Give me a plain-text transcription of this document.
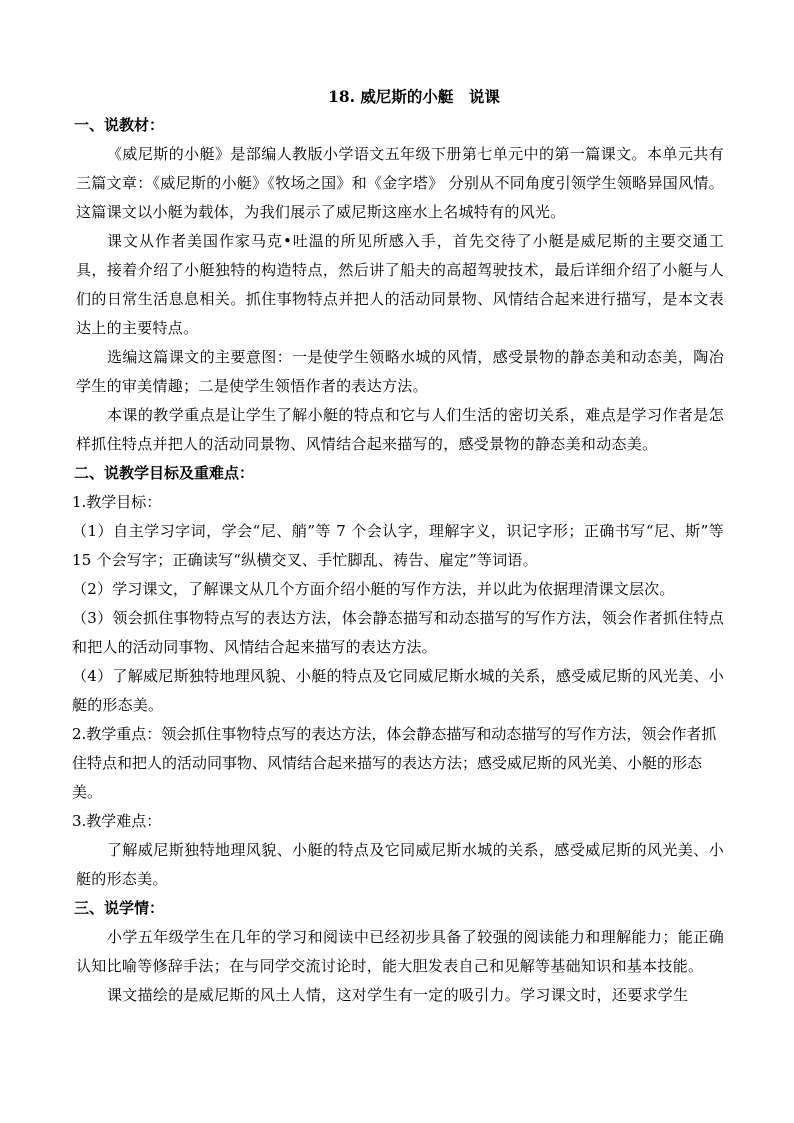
18. 威尼斯的小艇　说课
一、说教材：
《威尼斯的小艇》是部编人教版小学语文五年级下册第七单元中的第一篇课文。本单元共有三篇文章：《威尼斯的小艇》《牧场之国》和《金字塔》 分别从不同角度引领学生领略异国风情。这篇课文以小艇为载体，为我们展示了威尼斯这座水上名城特有的风光。
课文从作者美国作家马克•吐温的所见所感入手，首先交待了小艇是威尼斯的主要交通工具，接着介绍了小艇独特的构造特点，然后讲了船夫的高超驾驶技术，最后详细介绍了小艇与人们的日常生活息息相关。抓住事物特点并把人的活动同景物、风情结合起来进行描写，是本文表达上的主要特点。
选编这篇课文的主要意图：一是使学生领略水城的风情，感受景物的静态美和动态美，陶冶学生的审美情趣；二是使学生领悟作者的表达方法。
本课的教学重点是让学生了解小艇的特点和它与人们生活的密切关系，难点是学习作者是怎样抓住特点并把人的活动同景物、风情结合起来描写的，感受景物的静态美和动态美。
二、说教学目标及重难点：
1.教学目标：
（1）自主学习字词，学会“尼、艄”等 7 个会认字，理解字义，识记字形；正确书写“尼、斯”等 15 个会写字；正确读写“纵横交叉、手忙脚乱、祷告、雇定”等词语。
（2）学习课文，了解课文从几个方面介绍小艇的写作方法，并以此为依据理清课文层次。
（3）领会抓住事物特点写的表达方法，体会静态描写和动态描写的写作方法，领会作者抓住特点和把人的活动同事物、风情结合起来描写的表达方法。
（4）了解威尼斯独特地理风貌、小艇的特点及它同威尼斯水城的关系，感受威尼斯的风光美、小艇的形态美。
2.教学重点：领会抓住事物特点写的表达方法，体会静态描写和动态描写的写作方法，领会作者抓住特点和把人的活动同事物、风情结合起来描写的表达方法；感受威尼斯的风光美、小艇的形态美。
3.教学难点：
了解威尼斯独特地理风貌、小艇的特点及它同威尼斯水城的关系，感受威尼斯的风光美、小艇的形态美。
三、说学情：
小学五年级学生在几年的学习和阅读中已经初步具备了较强的阅读能力和理解能力；能正确认知比喻等修辞手法；在与同学交流讨论时，能大胆发表自己和见解等基础知识和基本技能。
课文描绘的是威尼斯的风土人情，这对学生有一定的吸引力。学习课文时，还要求学生
